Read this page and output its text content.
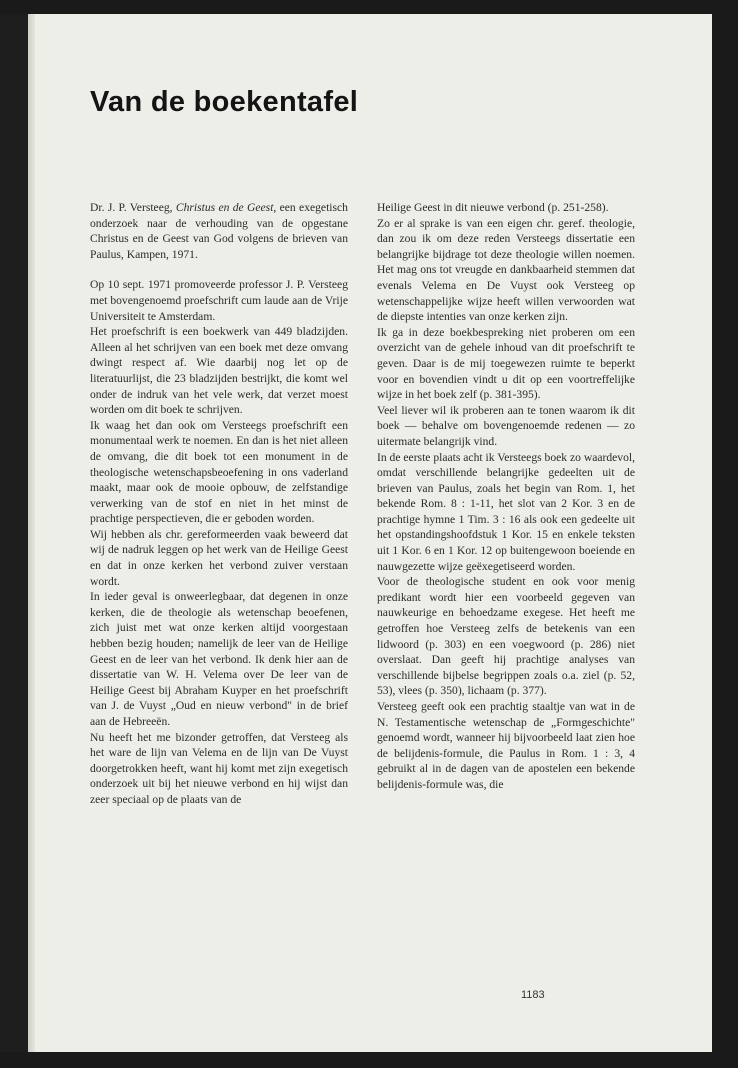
Van de boekentafel

Dr. J. P. Versteeg, Christus en de Geest, een exegetisch onderzoek naar de verhouding van de opgestane Christus en de Geest van God volgens de brieven van Paulus, Kampen, 1971.

Op 10 sept. 1971 promoveerde professor J. P. Versteeg met bovengenoemd proefschrift cum laude aan de Vrije Universiteit te Amsterdam.

Het proefschrift is een boekwerk van 449 bladzijden. Alleen al het schrijven van een boek met deze omvang dwingt respect af. Wie daarbij nog let op de literatuurlijst, die 23 bladzijden bestrijkt, die komt wel onder de indruk van het vele werk, dat verzet moest worden om dit boek te schrijven.

Ik waag het dan ook om Versteegs proefschrift een monumentaal werk te noemen. En dan is het niet alleen de omvang, die dit boek tot een monument in de theologische wetenschapsbeoefening in ons vaderland maakt, maar ook de mooie opbouw, de zelfstandige verwerking van de stof en niet in het minst de prachtige perspectieven, die er geboden worden.

Wij hebben als chr. gereformeerden vaak beweerd dat wij de nadruk leggen op het werk van de Heilige Geest en dat in onze kerken het verbond zuiver verstaan wordt.

In ieder geval is onweerlegbaar, dat degenen in onze kerken, die de theologie als wetenschap beoefenen, zich juist met wat onze kerken altijd voorgestaan hebben bezig houden; namelijk de leer van de Heilige Geest en de leer van het verbond. Ik denk hier aan de dissertatie van W. H. Velema over De leer van de Heilige Geest bij Abraham Kuyper en het proefschrift van J. de Vuyst „Oud en nieuw verbond" in de brief aan de Hebreeën.

Nu heeft het me bizonder getroffen, dat Versteeg als het ware de lijn van Velema en de lijn van De Vuyst doorgetrokken heeft, want hij komt met zijn exegetisch onderzoek uit bij het nieuwe verbond en hij wijst dan zeer speciaal op de plaats van de

Heilige Geest in dit nieuwe verbond (p. 251-258).

Zo er al sprake is van een eigen chr. geref. theologie, dan zou ik om deze reden Versteegs dissertatie een belangrijke bijdrage tot deze theologie willen noemen. Het mag ons tot vreugde en dankbaarheid stemmen dat evenals Velema en De Vuyst ook Versteeg op wetenschappelijke wijze heeft willen verwoorden wat de diepste intenties van onze kerken zijn.

Ik ga in deze boekbespreking niet proberen om een overzicht van de gehele inhoud van dit proefschrift te geven. Daar is de mij toegewezen ruimte te beperkt voor en bovendien vindt u dit op een voortreffelijke wijze in het boek zelf (p. 381-395).

Veel liever wil ik proberen aan te tonen waarom ik dit boek — behalve om bovengenoemde redenen — zo uitermate belangrijk vind.

In de eerste plaats acht ik Versteegs boek zo waardevol, omdat verschillende belangrijke gedeelten uit de brieven van Paulus, zoals het begin van Rom. 1, het bekende Rom. 8 : 1-11, het slot van 2 Kor. 3 en de prachtige hymne 1 Tim. 3 : 16 als ook een gedeelte uit het opstandingshoofdstuk 1 Kor. 15 en enkele teksten uit 1 Kor. 6 en 1 Kor. 12 op buitengewoon boeiende en nauwgezette wijze geëxegetiseerd worden.

Voor de theologische student en ook voor menig predikant wordt hier een voorbeeld gegeven van nauwkeurige en behoedzame exegese. Het heeft me getroffen hoe Versteeg zelfs de betekenis van een lidwoord (p. 303) en een voegwoord (p. 286) niet overslaat. Dan geeft hij prachtige analyses van verschillende bijbelse begrippen zoals o.a. ziel (p. 52, 53), vlees (p. 350), lichaam (p. 377).

Versteeg geeft ook een prachtig staaltje van wat in de N. Testamentische wetenschap de „Formgeschichte" genoemd wordt, wanneer hij bijvoorbeeld laat zien hoe de belijdenis-formule, die Paulus in Rom. 1 : 3, 4 gebruikt al in de dagen van de apostelen een bekende belijdenis-formule was, die

1183
